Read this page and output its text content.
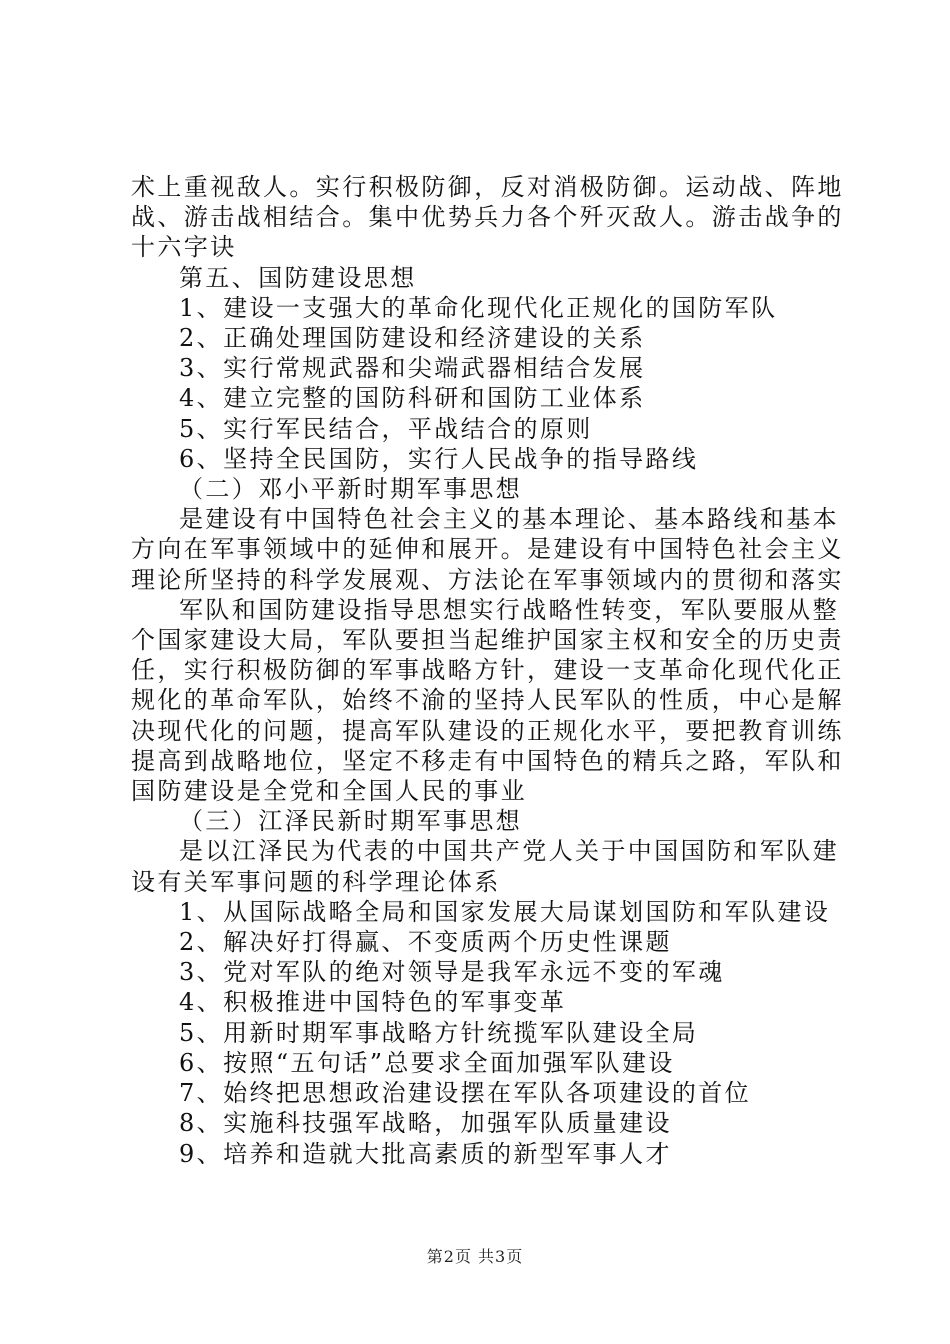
术上重视敌人。实行积极防御，反对消极防御。运动战、阵地

战、游击战相结合。集中优势兵力各个歼灭敌人。游击战争的

十六字诀

第五、国防建设思想

1、建设一支强大的革命化现代化正规化的国防军队

2、正确处理国防建设和经济建设的关系

3、实行常规武器和尖端武器相结合发展

4、建立完整的国防科研和国防工业体系

5、实行军民结合，平战结合的原则

6、坚持全民国防，实行人民战争的指导路线

（二）邓小平新时期军事思想

是建设有中国特色社会主义的基本理论、基本路线和基本

方向在军事领域中的延伸和展开。是建设有中国特色社会主义

理论所坚持的科学发展观、方法论在军事领域内的贯彻和落实

军队和国防建设指导思想实行战略性转变，军队要服从整

个国家建设大局，军队要担当起维护国家主权和安全的历史责

任，实行积极防御的军事战略方针，建设一支革命化现代化正

规化的革命军队，始终不渝的坚持人民军队的性质，中心是解

决现代化的问题，提高军队建设的正规化水平，要把教育训练

提高到战略地位，坚定不移走有中国特色的精兵之路，军队和

国防建设是全党和全国人民的事业

（三）江泽民新时期军事思想

是以江泽民为代表的中国共产党人关于中国国防和军队建

设有关军事问题的科学理论体系

1、从国际战略全局和国家发展大局谋划国防和军队建设

2、解决好打得赢、不变质两个历史性课题

3、党对军队的绝对领导是我军永远不变的军魂

4、积极推进中国特色的军事变革

5、用新时期军事战略方针统揽军队建设全局

6、按照“五句话”总要求全面加强军队建设

7、始终把思想政治建设摆在军队各项建设的首位

8、实施科技强军战略，加强军队质量建设

9、培养和造就大批高素质的新型军事人才

第2页 共3页
